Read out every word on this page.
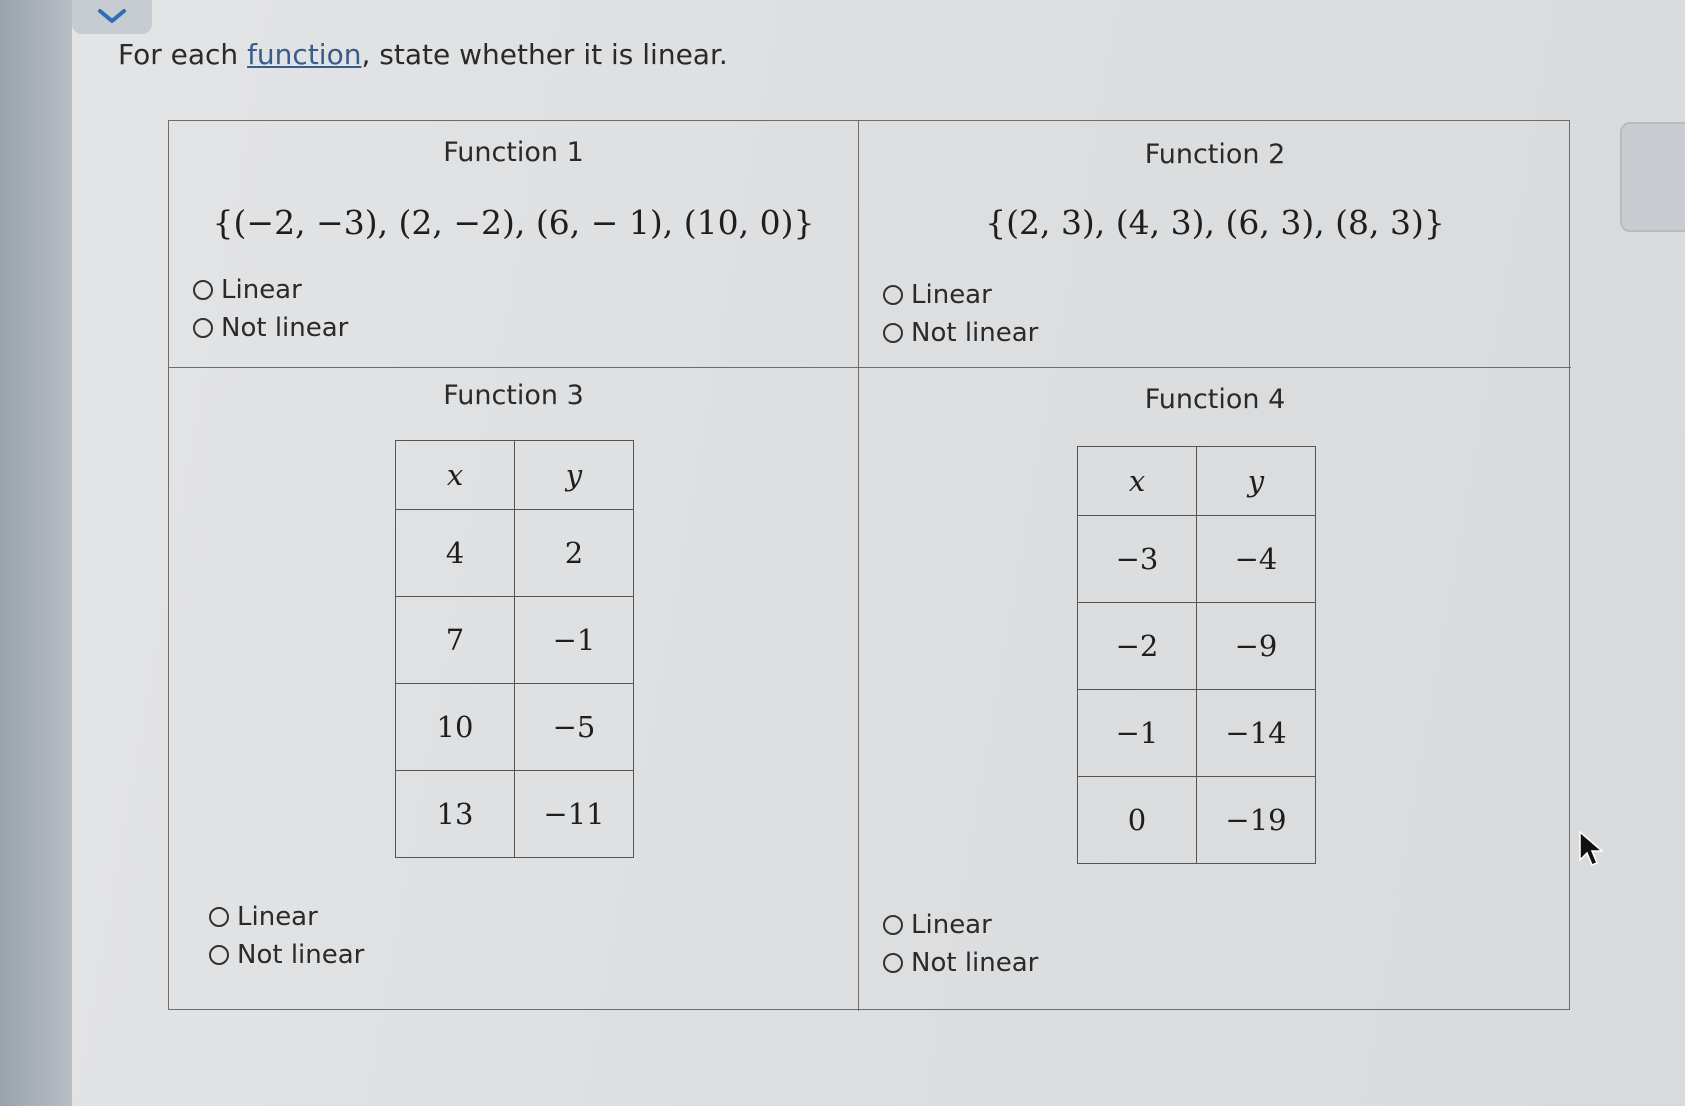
For each function, state whether it is linear.

Function 1
{(−2, −3), (2, −2), (6, − 1), (10, 0)}
Linear
Not linear
Function 2
{(2, 3), (4, 3), (6, 3), (8, 3)}
Linear
Not linear
Function 3
x	y
4	2
7	−1
10	−5
13	−11
Linear
Not linear
Function 4
x	y
−3	−4
−2	−9
−1	−14
0	−19
Linear
Not linear
